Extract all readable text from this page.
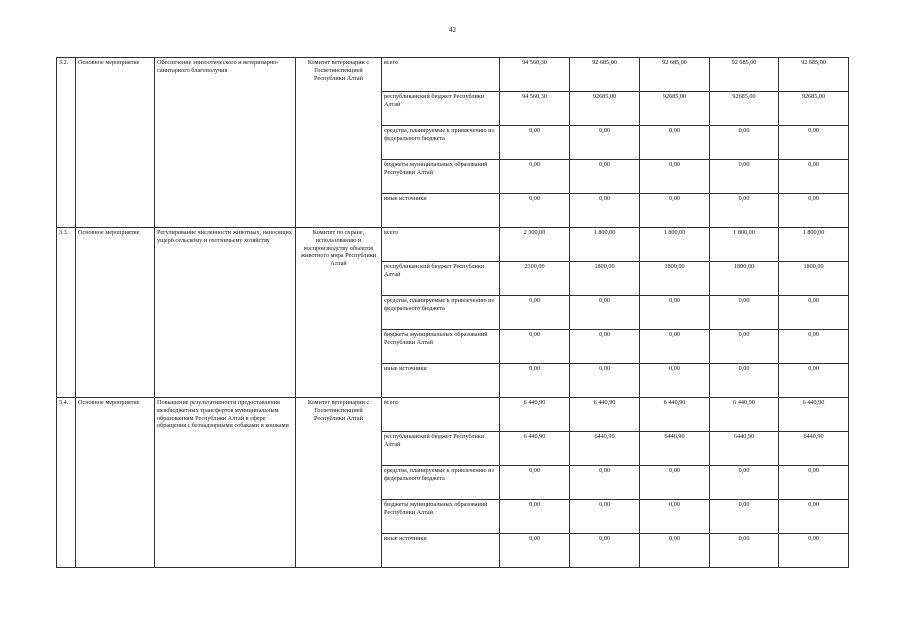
42
3.2.	Основное мероприятие	Обеспечение эпизоотического и ветеринарно-санитарного благополучия	Комитет ветеринарии с Госветинспекцией Республики Алтай	всего	94 560,30	92 685,00	92 685,00	92 685,00	92 685,00
				республиканский бюджет Республики Алтай	94 560,30	92685,00	92685,00	92685,00	92685,00
				средства, планируемые к привлечению из федерального бюджета	0,00	0,00	0,00	0,00	0,00
				бюджеты муниципальных образований Республики Алтай	0,00	0,00	0,00	0,00	0,00
				иные источники	0,00	0,00	0,00	0,00	0,00
3.3.	Основное мероприятие	Регулирование численности животных, наносящих ущерб сельскому и охотничьему хозяйству	Комитет по охране, использованию и воспроизводству объектов животного мира Республики Алтай	всего	2 300,00	1 800,00	1 800,00	1 800,00	1 800,00
				республиканский бюджет Республики Алтай	2300,00	1800,00	1800,00	1800,00	1800,00
				средства, планируемые к привлечению из федерального бюджета	0,00	0,00	0,00	0,00	0,00
				бюджеты муниципальных образований Республики Алтай	0,00	0,00	0,00	0,00	0,00
				иные источники	0,00	0,00	0,00	0,00	0,00
3.4.	Основное мероприятие	Повышение результативности предоставления межбюджетных трансфертов муниципальным образованиям Республики Алтай в сфере обращения с безнадзорными собаками и кошками	Комитет ветеринарии с Госветинспекцией Республики Алтай	всего	6 440,90	6 440,90	6 440,90	6 440,90	6 440,90
				республиканский бюджет Республики Алтай	6 440,90	6440,90	6440,90	6440,90	6440,90
				средства, планируемые к привлечению из федерального бюджета	0,00	0,00	0,00	0,00	0,00
				бюджеты муниципальных образований Республики Алтай	0,00	0,00	0,00	0,00	0,00
				иные источники	0,00	0,00	0,00	0,00	0,00
